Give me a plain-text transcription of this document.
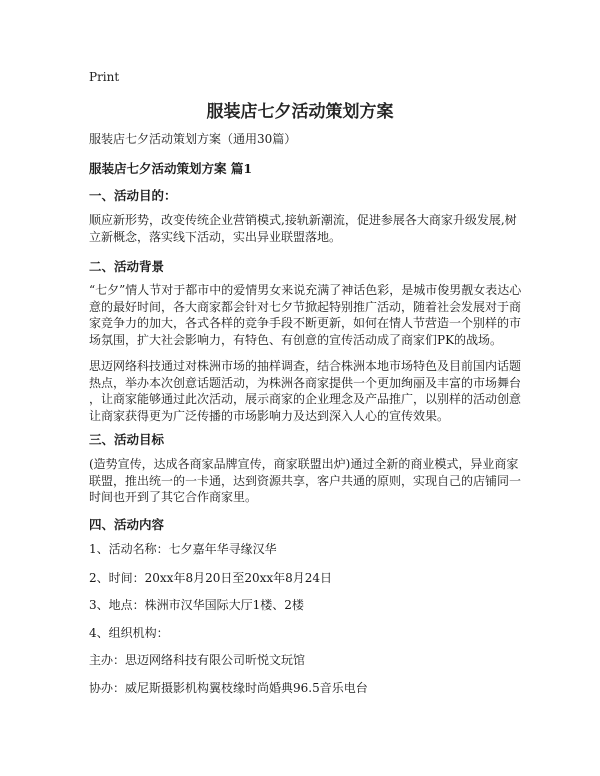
Print
服装店七夕活动策划方案
服装店七夕活动策划方案（通用30篇）
服装店七夕活动策划方案 篇1
一、活动目的：
顺应新形势，改变传统企业营销模式,接轨新潮流，促进参展各大商家升级发展,树
立新概念，落实线下活动，实出异业联盟落地。
二、活动背景
“七夕”情人节对于都市中的爱情男女来说充满了神话色彩，是城市俊男靓女表达心
意的最好时间，各大商家都会针对七夕节掀起特别推广活动，随着社会发展对于商
家竞争力的加大，各式各样的竞争手段不断更新，如何在情人节营造一个别样的市
场氛围，扩大社会影响力，有特色、有创意的宣传活动成了商家们PK的战场。
思迈网络科技通过对株洲市场的抽样调查，结合株洲本地市场特色及目前国内话题
热点，举办本次创意话题活动，为株洲各商家提供一个更加绚丽及丰富的市场舞台
，让商家能够通过此次活动，展示商家的企业理念及产品推广，以别样的活动创意
让商家获得更为广泛传播的市场影响力及达到深入人心的宣传效果。
三、活动目标
(造势宣传，达成各商家品牌宣传，商家联盟出炉)通过全新的商业模式，异业商家
联盟，推出统一的一卡通，达到资源共享，客户共通的原则，实现自己的店铺同一
时间也开到了其它合作商家里。
四、活动内容
1、活动名称：七夕嘉年华寻缘汉华
2、时间：20xx年8月20日至20xx年8月24日
3、地点：株洲市汉华国际大厅1楼、2楼
4、组织机构：
主办：思迈网络科技有限公司昕悦文玩馆
协办：威尼斯摄影机构翼枝缘时尚婚典96.5音乐电台
